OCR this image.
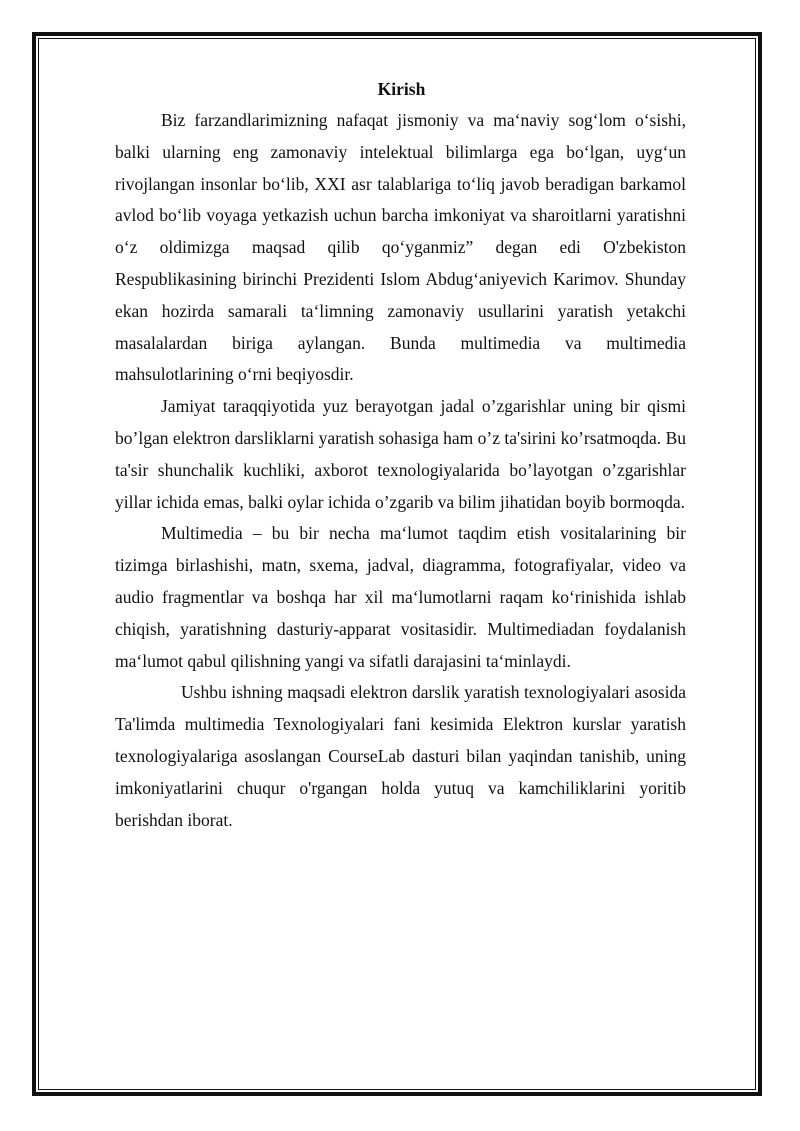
Kirish

Biz farzandlarimizning nafaqat jismoniy va ma‘naviy sog‘lom o‘sishi, balki ularning eng zamonaviy intelektual bilimlarga ega bo‘lgan, uyg‘un rivojlangan insonlar bo‘lib, XXI asr talablariga to‘liq javob beradigan barkamol avlod bo‘lib voyaga yetkazish uchun barcha imkoniyat va sharoitlarni yaratishni o‘z oldimizga maqsad qilib qo‘yganmiz” degan edi O'zbekiston Respublikasining birinchi Prezidenti Islom Abdug‘aniyevich Karimov. Shunday ekan hozirda samarali ta‘limning zamonaviy usullarini yaratish yetakchi masalalardan biriga aylangan. Bunda multimedia va multimedia mahsulotlarining o‘rni beqiyosdir.

Jamiyat taraqqiyotida yuz berayotgan jadal o’zgarishlar uning bir qismi bo’lgan elektron darsliklarni yaratish sohasiga ham o’z ta'sirini ko’rsatmoqda. Bu ta'sir shunchalik kuchliki, axborot texnologiyalarida bo’layotgan o’zgarishlar yillar ichida emas, balki oylar ichida o’zgarib va bilim jihatidan boyib bormoqda.

Multimedia – bu bir necha ma‘lumot taqdim etish vositalarining bir tizimga birlashishi, matn, sxema, jadval, diagramma, fotografiyalar, video va audio fragmentlar va boshqa har xil ma‘lumotlarni raqam ko‘rinishida ishlab chiqish, yaratishning dasturiy-apparat vositasidir. Multimediadan foydalanish ma‘lumot qabul qilishning yangi va sifatli darajasini ta‘minlaydi.

Ushbu ishning maqsadi elektron darslik yaratish texnologiyalari asosida Ta'limda multimedia Texnologiyalari fani kesimida Elektron kurslar yaratish texnologiyalariga asoslangan CourseLab dasturi bilan yaqindan tanishib, uning imkoniyatlarini chuqur o'rgangan holda yutuq va kamchiliklarini yoritib berishdan iborat.
